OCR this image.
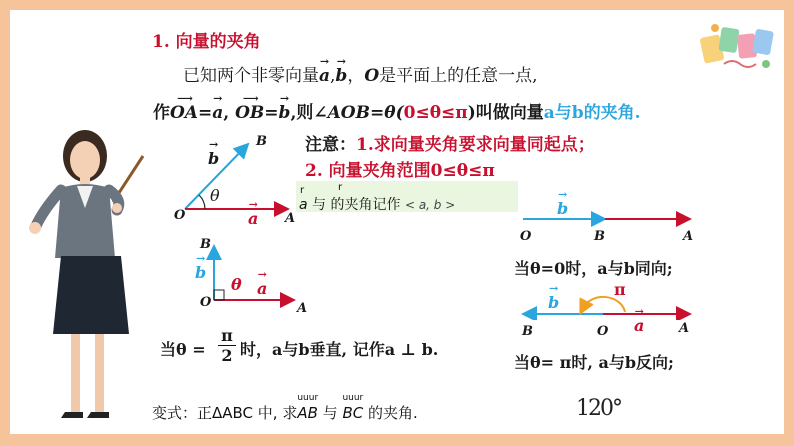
1. 向量的夹角
已知两个非零向量
→
a,
→
b，O是平面上的任意一点,
作
⟶
OA=
→
a,
⟶
OB=
→
b,则∠AOB=θ(0≤θ≤π)叫做向量a与b的夹角.
注意：1.求向量夹角要求向量同起点；
2. 向量夹角范围0≤θ≤π
r
a 与 的夹角记作
r
< a, b >
B
→
b
θ
O
→
a A
B
→
b
θ
→
a
O	A
当$\theta = \frac{\pi}{2}$ 时，a与b垂直, 记作a ⊥ b.
→
b
O	B	A
当θ=0时，a与b同向;
π
→
b	→
a
B	O	A
当θ= π时, a与b反向;
变式：正ΔABC 中, 求
uuur
AB 与
uuur
BC 的夹角.	120°
